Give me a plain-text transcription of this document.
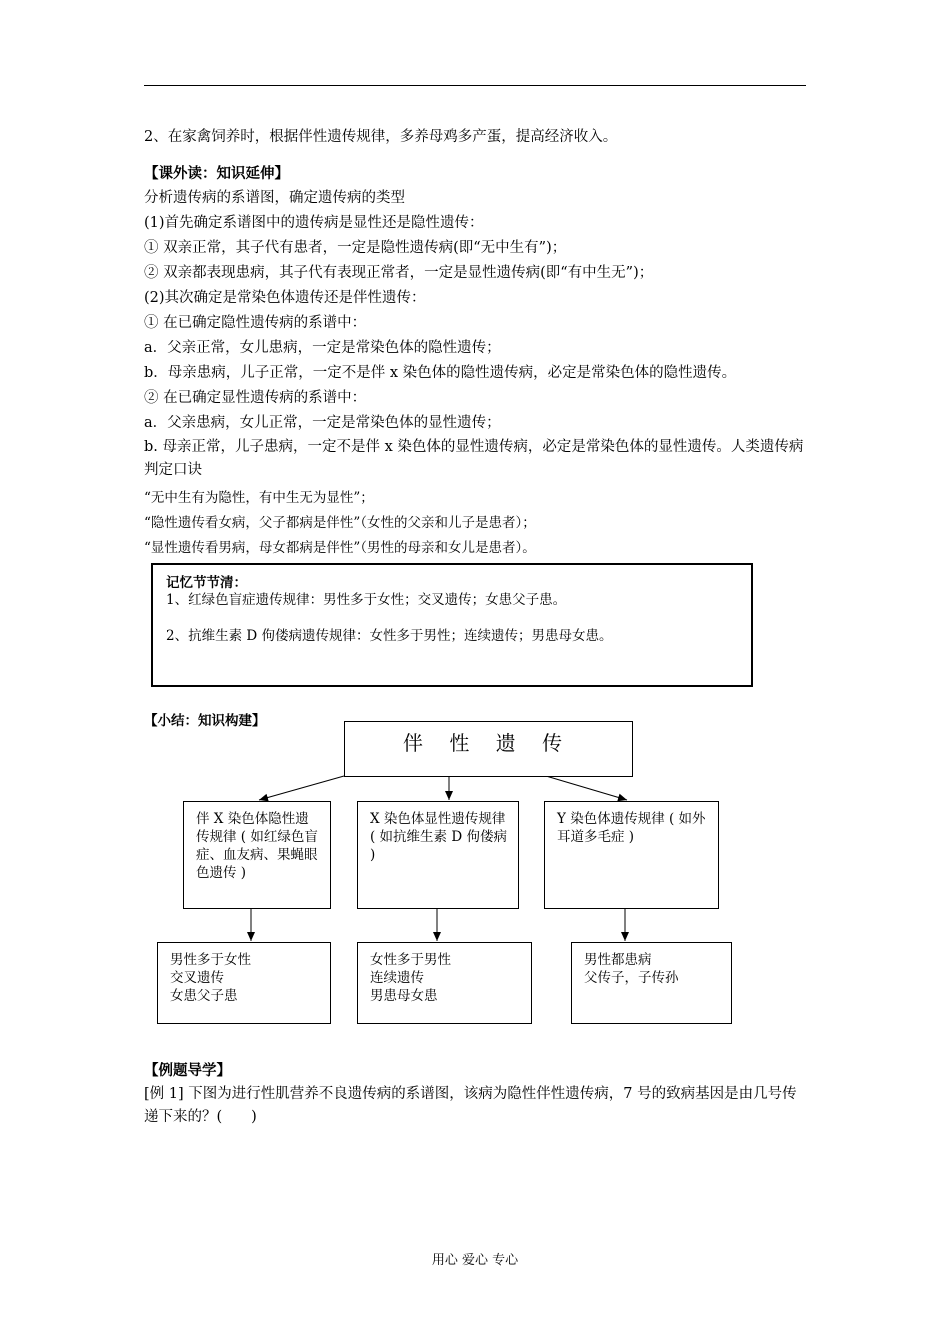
2、在家禽饲养时，根据伴性遗传规律，多养母鸡多产蛋，提高经济收入。
【课外读：知识延伸】
分析遗传病的系谱图，确定遗传病的类型
(1)首先确定系谱图中的遗传病是显性还是隐性遗传：
① 双亲正常，其子代有患者，一定是隐性遗传病(即“无中生有”)；
② 双亲都表现患病，其子代有表现正常者，一定是显性遗传病(即“有中生无”)；
(2)其次确定是常染色体遗传还是伴性遗传：
① 在已确定隐性遗传病的系谱中：
a．父亲正常，女儿患病，一定是常染色体的隐性遗传；
b．母亲患病，儿子正常，一定不是伴 x 染色体的隐性遗传病，必定是常染色体的隐性遗传。
② 在已确定显性遗传病的系谱中：
a．父亲患病，女儿正常，一定是常染色体的显性遗传；
b. 母亲正常，儿子患病，一定不是伴 x 染色体的显性遗传病，必定是常染色体的显性遗传。人类遗传病判定口诀
“无中生有为隐性，有中生无为显性”；
“隐性遗传看女病，父子都病是伴性”（女性的父亲和儿子是患者）；
“显性遗传看男病，母女都病是伴性”（男性的母亲和女儿是患者）。
记忆节节清：
1、红绿色盲症遗传规律：男性多于女性；交叉遗传；女患父子患。
2、抗维生素 D 佝偻病遗传规律：女性多于男性；连续遗传；男患母女患。
【小结：知识构建】
伴 性 遗 传
伴 X 染色体隐性遗传规律 ( 如红绿色盲症、血友病、果蝇眼色遗传 )
X 染色体显性遗传规律 ( 如抗维生素 D 佝偻病 )
Y 染色体遗传规律 ( 如外耳道多毛症 )
男性多于女性
交叉遗传
女患父子患
女性多于男性
连续遗传
男患母女患
男性都患病
父传子，子传孙
【例题导学】
[例 1] 下图为进行性肌营养不良遗传病的系谱图，该病为隐性伴性遗传病，7 号的致病基因是由几号传递下来的？(　　)
用心 爱心 专心
